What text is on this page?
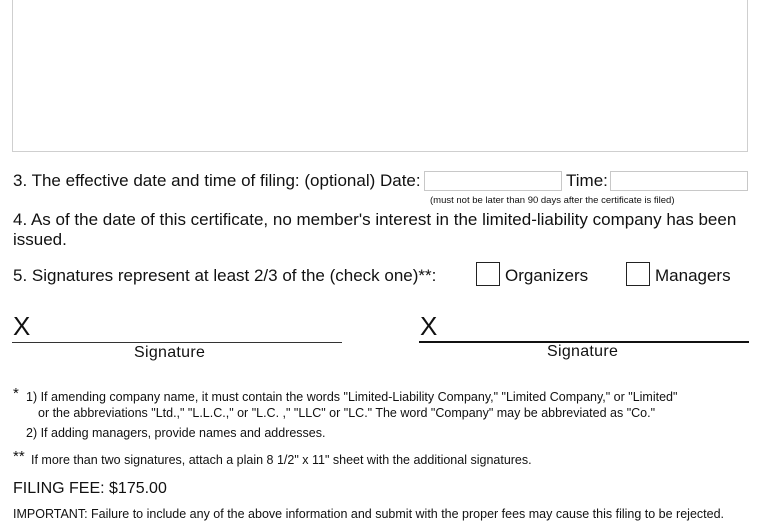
3. The effective date and time of filing: (optional) Date:	Time:
(must not be later than 90 days after the certificate is filed)
4. As of the date of this certificate, no member's interest in the limited-liability company has been
issued.
5. Signatures represent at least 2/3 of the (check one)**:	Organizers	Managers
X
Signature
X
Signature
* 1) If amending company name, it must contain the words "Limited-Liability Company," "Limited Company," or "Limited"
or the abbreviations "Ltd.," "L.L.C.," or "L.C. ," "LLC" or "LC." The word "Company" may be abbreviated as "Co."
2) If adding managers, provide names and addresses.
** If more than two signatures, attach a plain 8 1/2" x 11" sheet with the additional signatures.
FILING FEE: $175.00
IMPORTANT: Failure to include any of the above information and submit with the proper fees may cause this filing to be rejected.
